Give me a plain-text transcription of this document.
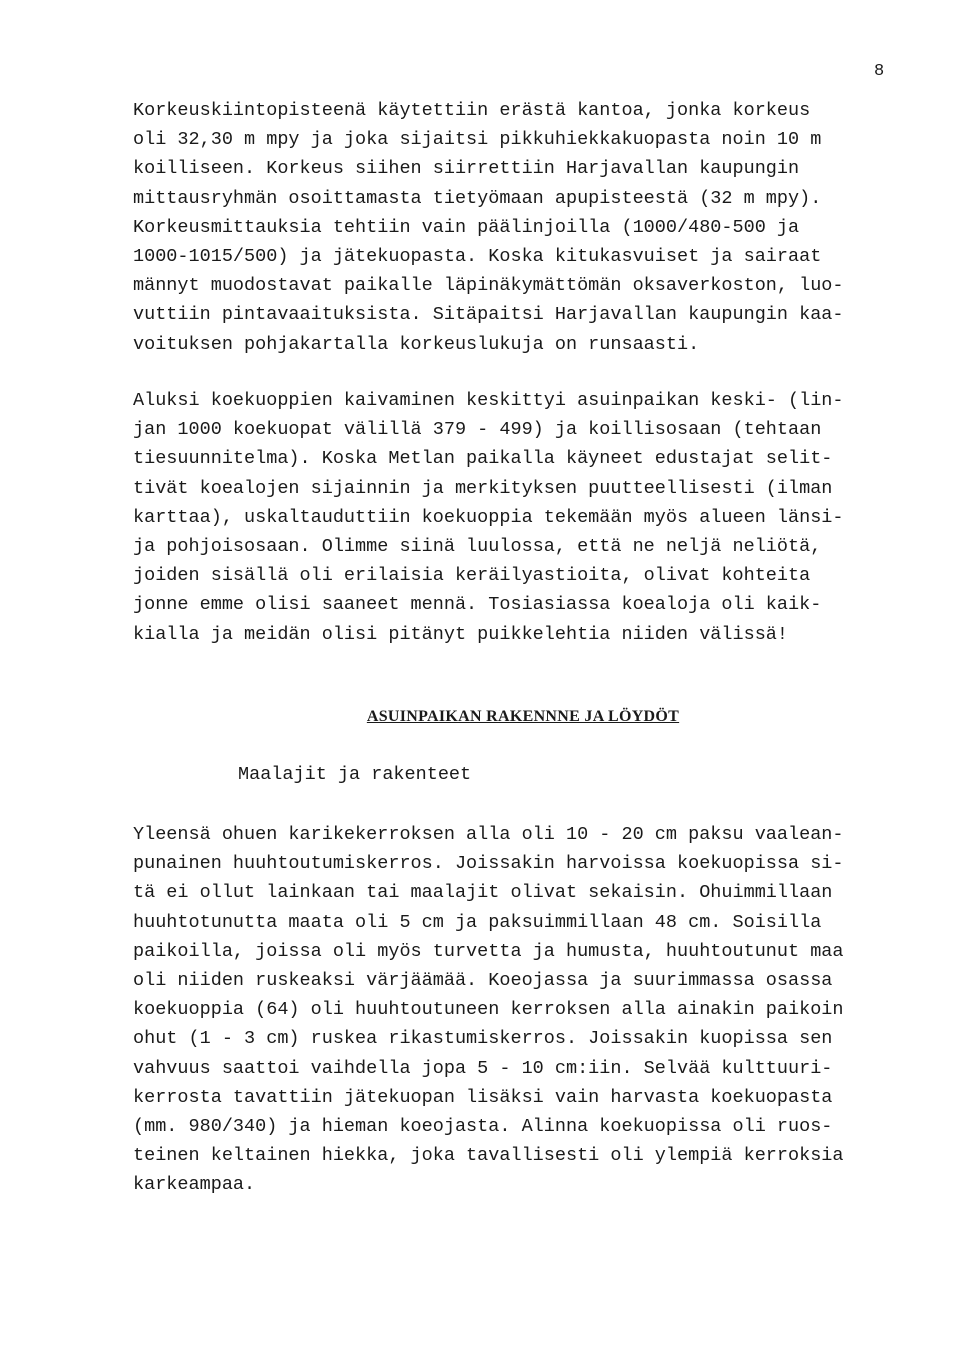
8
Korkeuskiintopisteenä käytettiin erästä kantoa, jonka korkeus
oli 32,30 m mpy ja joka sijaitsi pikkuhiekkakuopasta noin 10 m
koilliseen. Korkeus siihen siirrettiin Harjavallan kaupungin
mittausryhmän osoittamasta tietyömaan apupisteestä (32 m mpy).
Korkeusmittauksia tehtiin vain päälinjoilla (1000/480-500 ja
1000-1015/500) ja jätekuopasta. Koska kitukasvuiset ja sairaat
männyt muodostavat paikalle läpinäkymättömän oksaverkoston, luo-
vuttiin pintavaaituksista. Sitäpaitsi Harjavallan kaupungin kaa-
voituksen pohjakartalla korkeuslukuja on runsaasti.
Aluksi koekuoppien kaivaminen keskittyi asuinpaikan keski- (lin-
jan 1000 koekuopat välillä 379 - 499) ja koillisosaan (tehtaan
tiesuunnitelma). Koska Metlan paikalla käyneet edustajat selit-
tivät koealojen sijainnin ja merkityksen puutteellisesti (ilman
karttaa), uskaltauduttiin koekuoppia tekemään myös alueen länsi-
ja pohjoisosaan. Olimme siinä luulossa, että ne neljä neliötä,
joiden sisällä oli erilaisia keräilyastioita, olivat kohteita
jonne emme olisi saaneet mennä. Tosiasiassa koealoja oli kaik-
kialla ja meidän olisi pitänyt puikkelehtia niiden välissä!
ASUINPAIKAN RAKENNNE JA LÖYDÖT
Maalajit ja rakenteet
Yleensä ohuen karikekerroksen alla oli 10 - 20 cm paksu vaalean-
punainen huuhtoutumiskerros. Joissakin harvoissa koekuopissa si-
tä ei ollut lainkaan tai maalajit olivat sekaisin. Ohuimmillaan
huuhtotunutta maata oli 5 cm ja paksuimmillaan 48 cm. Soisilla
paikoilla, joissa oli myös turvetta ja humusta, huuhtoutunut maa
oli niiden ruskeaksi värjäämää. Koeojassa ja suurimmassa osassa
koekuoppia (64) oli huuhtoutuneen kerroksen alla ainakin paikoin
ohut (1 - 3 cm) ruskea rikastumiskerros. Joissakin kuopissa sen
vahvuus saattoi vaihdella jopa 5 - 10 cm:iin. Selvää kulttuuri-
kerrosta tavattiin jätekuopan lisäksi vain harvasta koekuopasta
(mm. 980/340) ja hieman koeojasta. Alinna koekuopissa oli ruos-
teinen keltainen hiekka, joka tavallisesti oli ylempiä kerroksia
karkeampaa.
